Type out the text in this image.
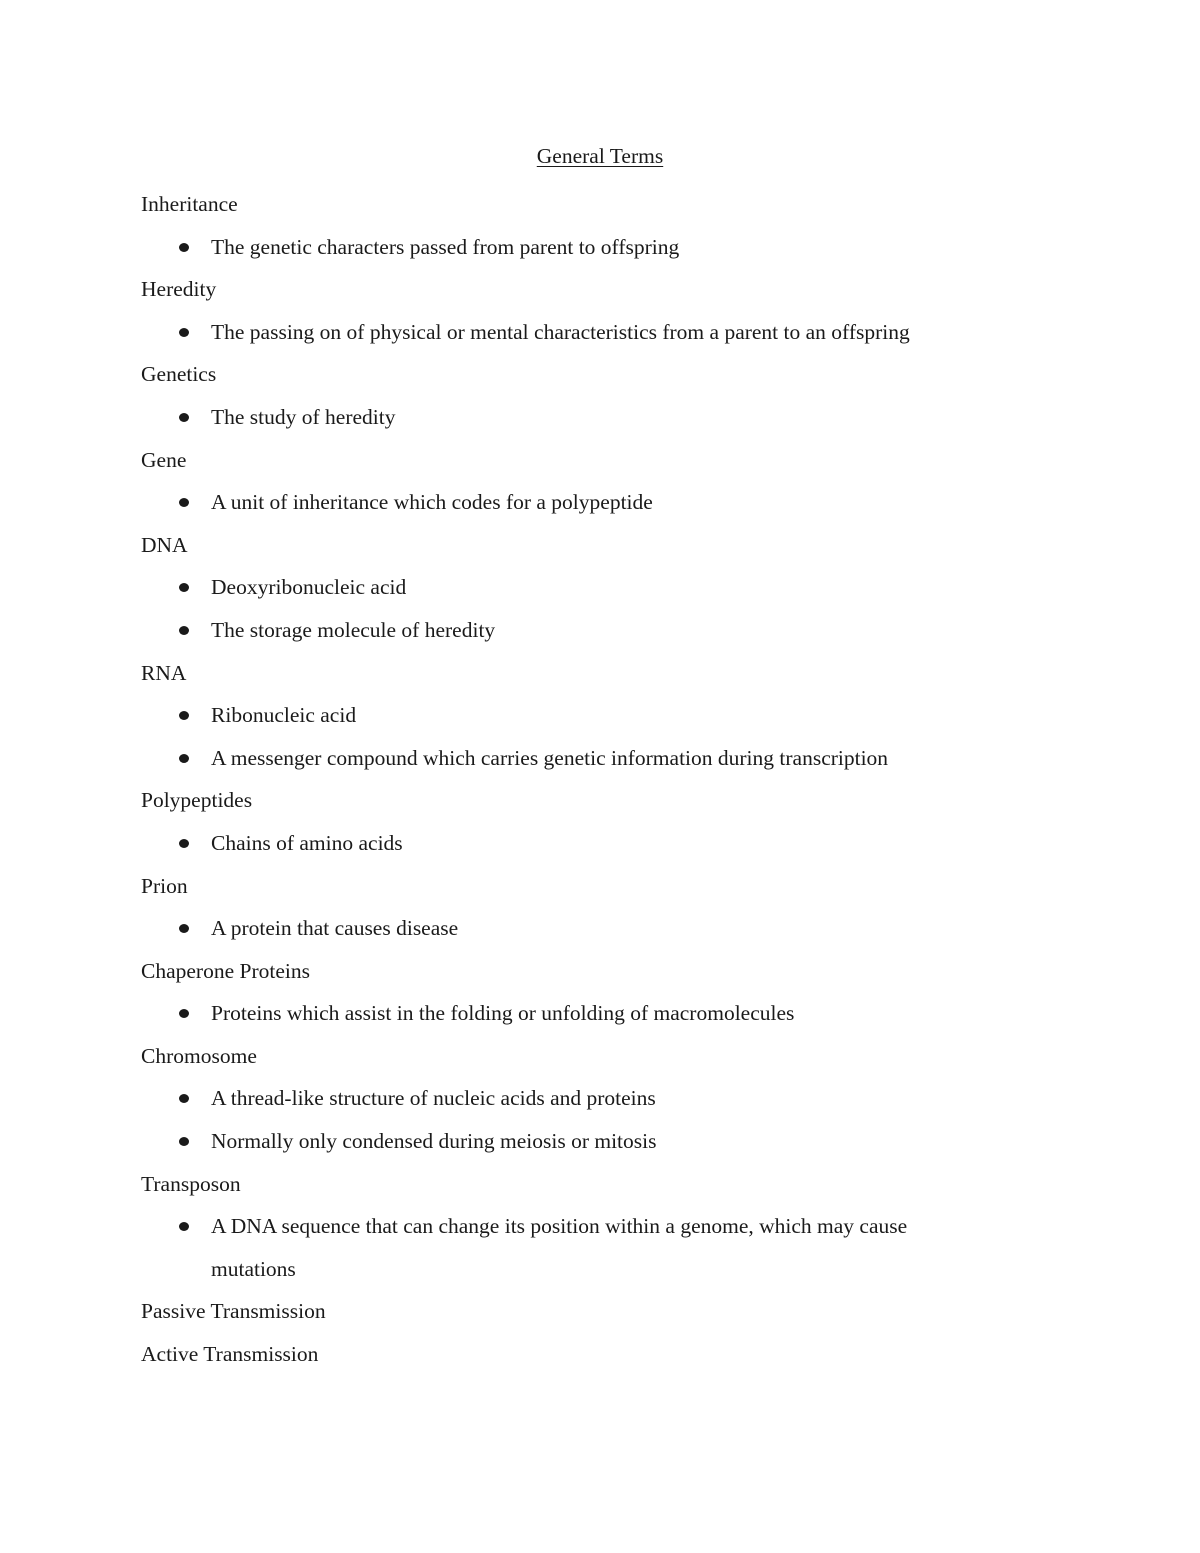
General Terms

Inheritance

The genetic characters passed from parent to offspring

Heredity

The passing on of physical or mental characteristics from a parent to an offspring

Genetics

The study of heredity

Gene

A unit of inheritance which codes for a polypeptide

DNA

Deoxyribonucleic acid
The storage molecule of heredity

RNA

Ribonucleic acid
A messenger compound which carries genetic information during transcription

Polypeptides

Chains of amino acids

Prion

A protein that causes disease

Chaperone Proteins

Proteins which assist in the folding or unfolding of macromolecules

Chromosome

A thread-like structure of nucleic acids and proteins
Normally only condensed during meiosis or mitosis

Transposon

A DNA sequence that can change its position within a genome, which may cause mutations

Passive Transmission

Active Transmission
